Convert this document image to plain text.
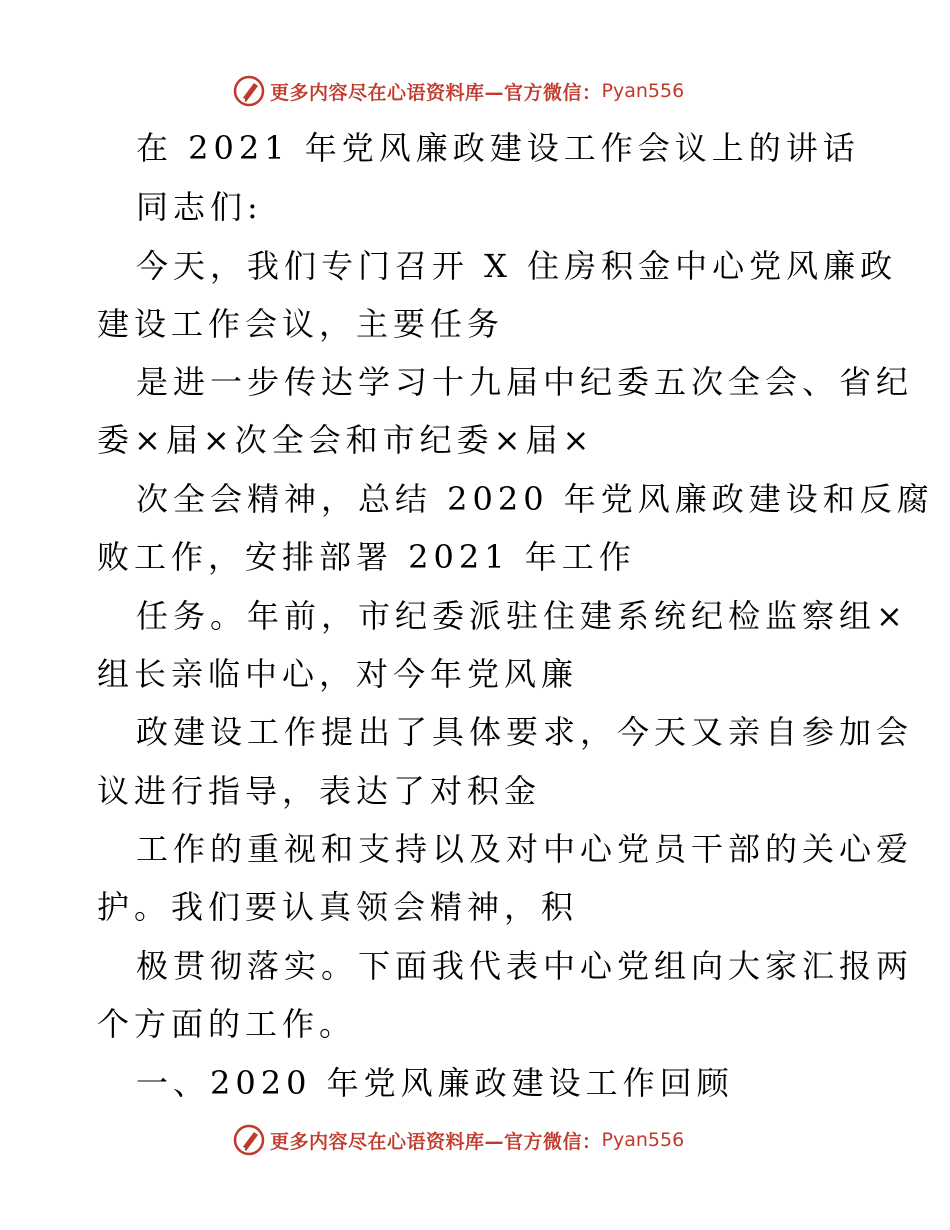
更多内容尽在心语资料库—官方微信： Pyan556
在 2021 年党风廉政建设工作会议上的讲话
同志们:
今天，我们专门召开 X 住房积金中心党风廉政
建设工作会议，主要任务
是进一步传达学习十九届中纪委五次全会、省纪
委×届×次全会和市纪委×届×
次全会精神，总结 2020 年党风廉政建设和反腐
败工作，安排部署 2021 年工作
任务。年前，市纪委派驻住建系统纪检监察组×
组长亲临中心，对今年党风廉
政建设工作提出了具体要求，今天又亲自参加会
议进行指导，表达了对积金
工作的重视和支持以及对中心党员干部的关心爱
护。我们要认真领会精神，积
极贯彻落实。下面我代表中心党组向大家汇报两
个方面的工作。
一、2020 年党风廉政建设工作回顾
更多内容尽在心语资料库—官方微信： Pyan556
